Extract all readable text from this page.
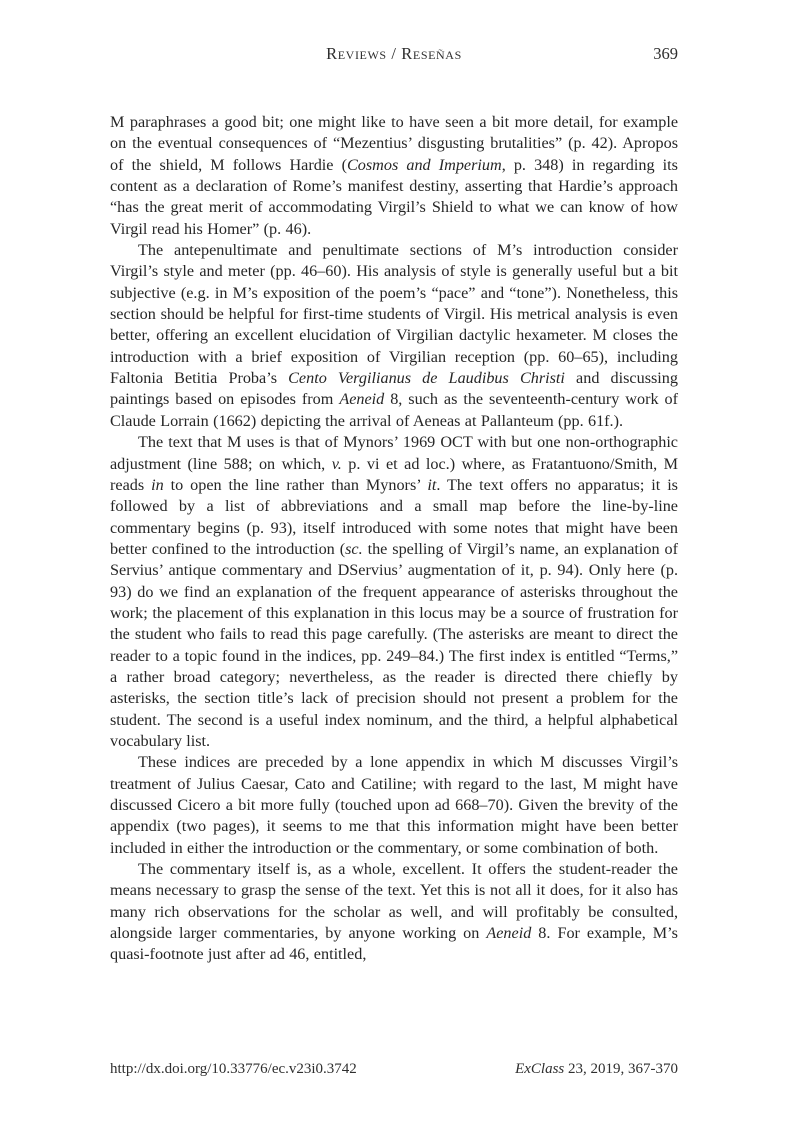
Reviews / Reseñas	369

M paraphrases a good bit; one might like to have seen a bit more detail, for example on the eventual consequences of “Mezentius’ disgusting brutalities” (p. 42). Apropos of the shield, M follows Hardie (Cosmos and Imperium, p. 348) in regarding its content as a declaration of Rome’s manifest destiny, asserting that Hardie’s approach “has the great merit of accommodating Virgil’s Shield to what we can know of how Virgil read his Homer” (p. 46).

The antepenultimate and penultimate sections of M’s introduction consider Virgil’s style and meter (pp. 46–60). His analysis of style is generally useful but a bit subjective (e.g. in M’s exposition of the poem’s “pace” and “tone”). Nonetheless, this section should be helpful for first-time students of Virgil. His metrical analysis is even better, offering an excellent elucidation of Virgilian dactylic hexameter. M closes the introduction with a brief exposition of Virgilian reception (pp. 60–65), including Faltonia Betitia Proba’s Cento Vergilianus de Laudibus Christi and discussing paintings based on episodes from Aeneid 8, such as the seventeenth-century work of Claude Lorrain (1662) depicting the arrival of Aeneas at Pallanteum (pp. 61f.).

The text that M uses is that of Mynors’ 1969 OCT with but one non-orthographic adjustment (line 588; on which, v. p. vi et ad loc.) where, as Fratantuono/Smith, M reads in to open the line rather than Mynors’ it. The text offers no apparatus; it is followed by a list of abbreviations and a small map before the line-by-line commentary begins (p. 93), itself introduced with some notes that might have been better confined to the introduction (sc. the spelling of Virgil’s name, an explanation of Servius’ antique commentary and DServius’ augmentation of it, p. 94). Only here (p. 93) do we find an explanation of the frequent appearance of asterisks throughout the work; the placement of this explanation in this locus may be a source of frustration for the student who fails to read this page carefully. (The asterisks are meant to direct the reader to a topic found in the indices, pp. 249–84.) The first index is entitled “Terms,” a rather broad category; nevertheless, as the reader is directed there chiefly by asterisks, the section title’s lack of precision should not present a problem for the student. The second is a useful index nominum, and the third, a helpful alphabetical vocabulary list.

These indices are preceded by a lone appendix in which M discusses Virgil’s treatment of Julius Caesar, Cato and Catiline; with regard to the last, M might have discussed Cicero a bit more fully (touched upon ad 668–70). Given the brevity of the appendix (two pages), it seems to me that this information might have been better included in either the introduction or the commentary, or some combination of both.

The commentary itself is, as a whole, excellent. It offers the student-reader the means necessary to grasp the sense of the text. Yet this is not all it does, for it also has many rich observations for the scholar as well, and will profitably be consulted, alongside larger commentaries, by anyone working on Aeneid 8. For example, M’s quasi-footnote just after ad 46, entitled,

http://dx.doi.org/10.33776/ec.v23i0.3742	ExClass 23, 2019, 367-370
